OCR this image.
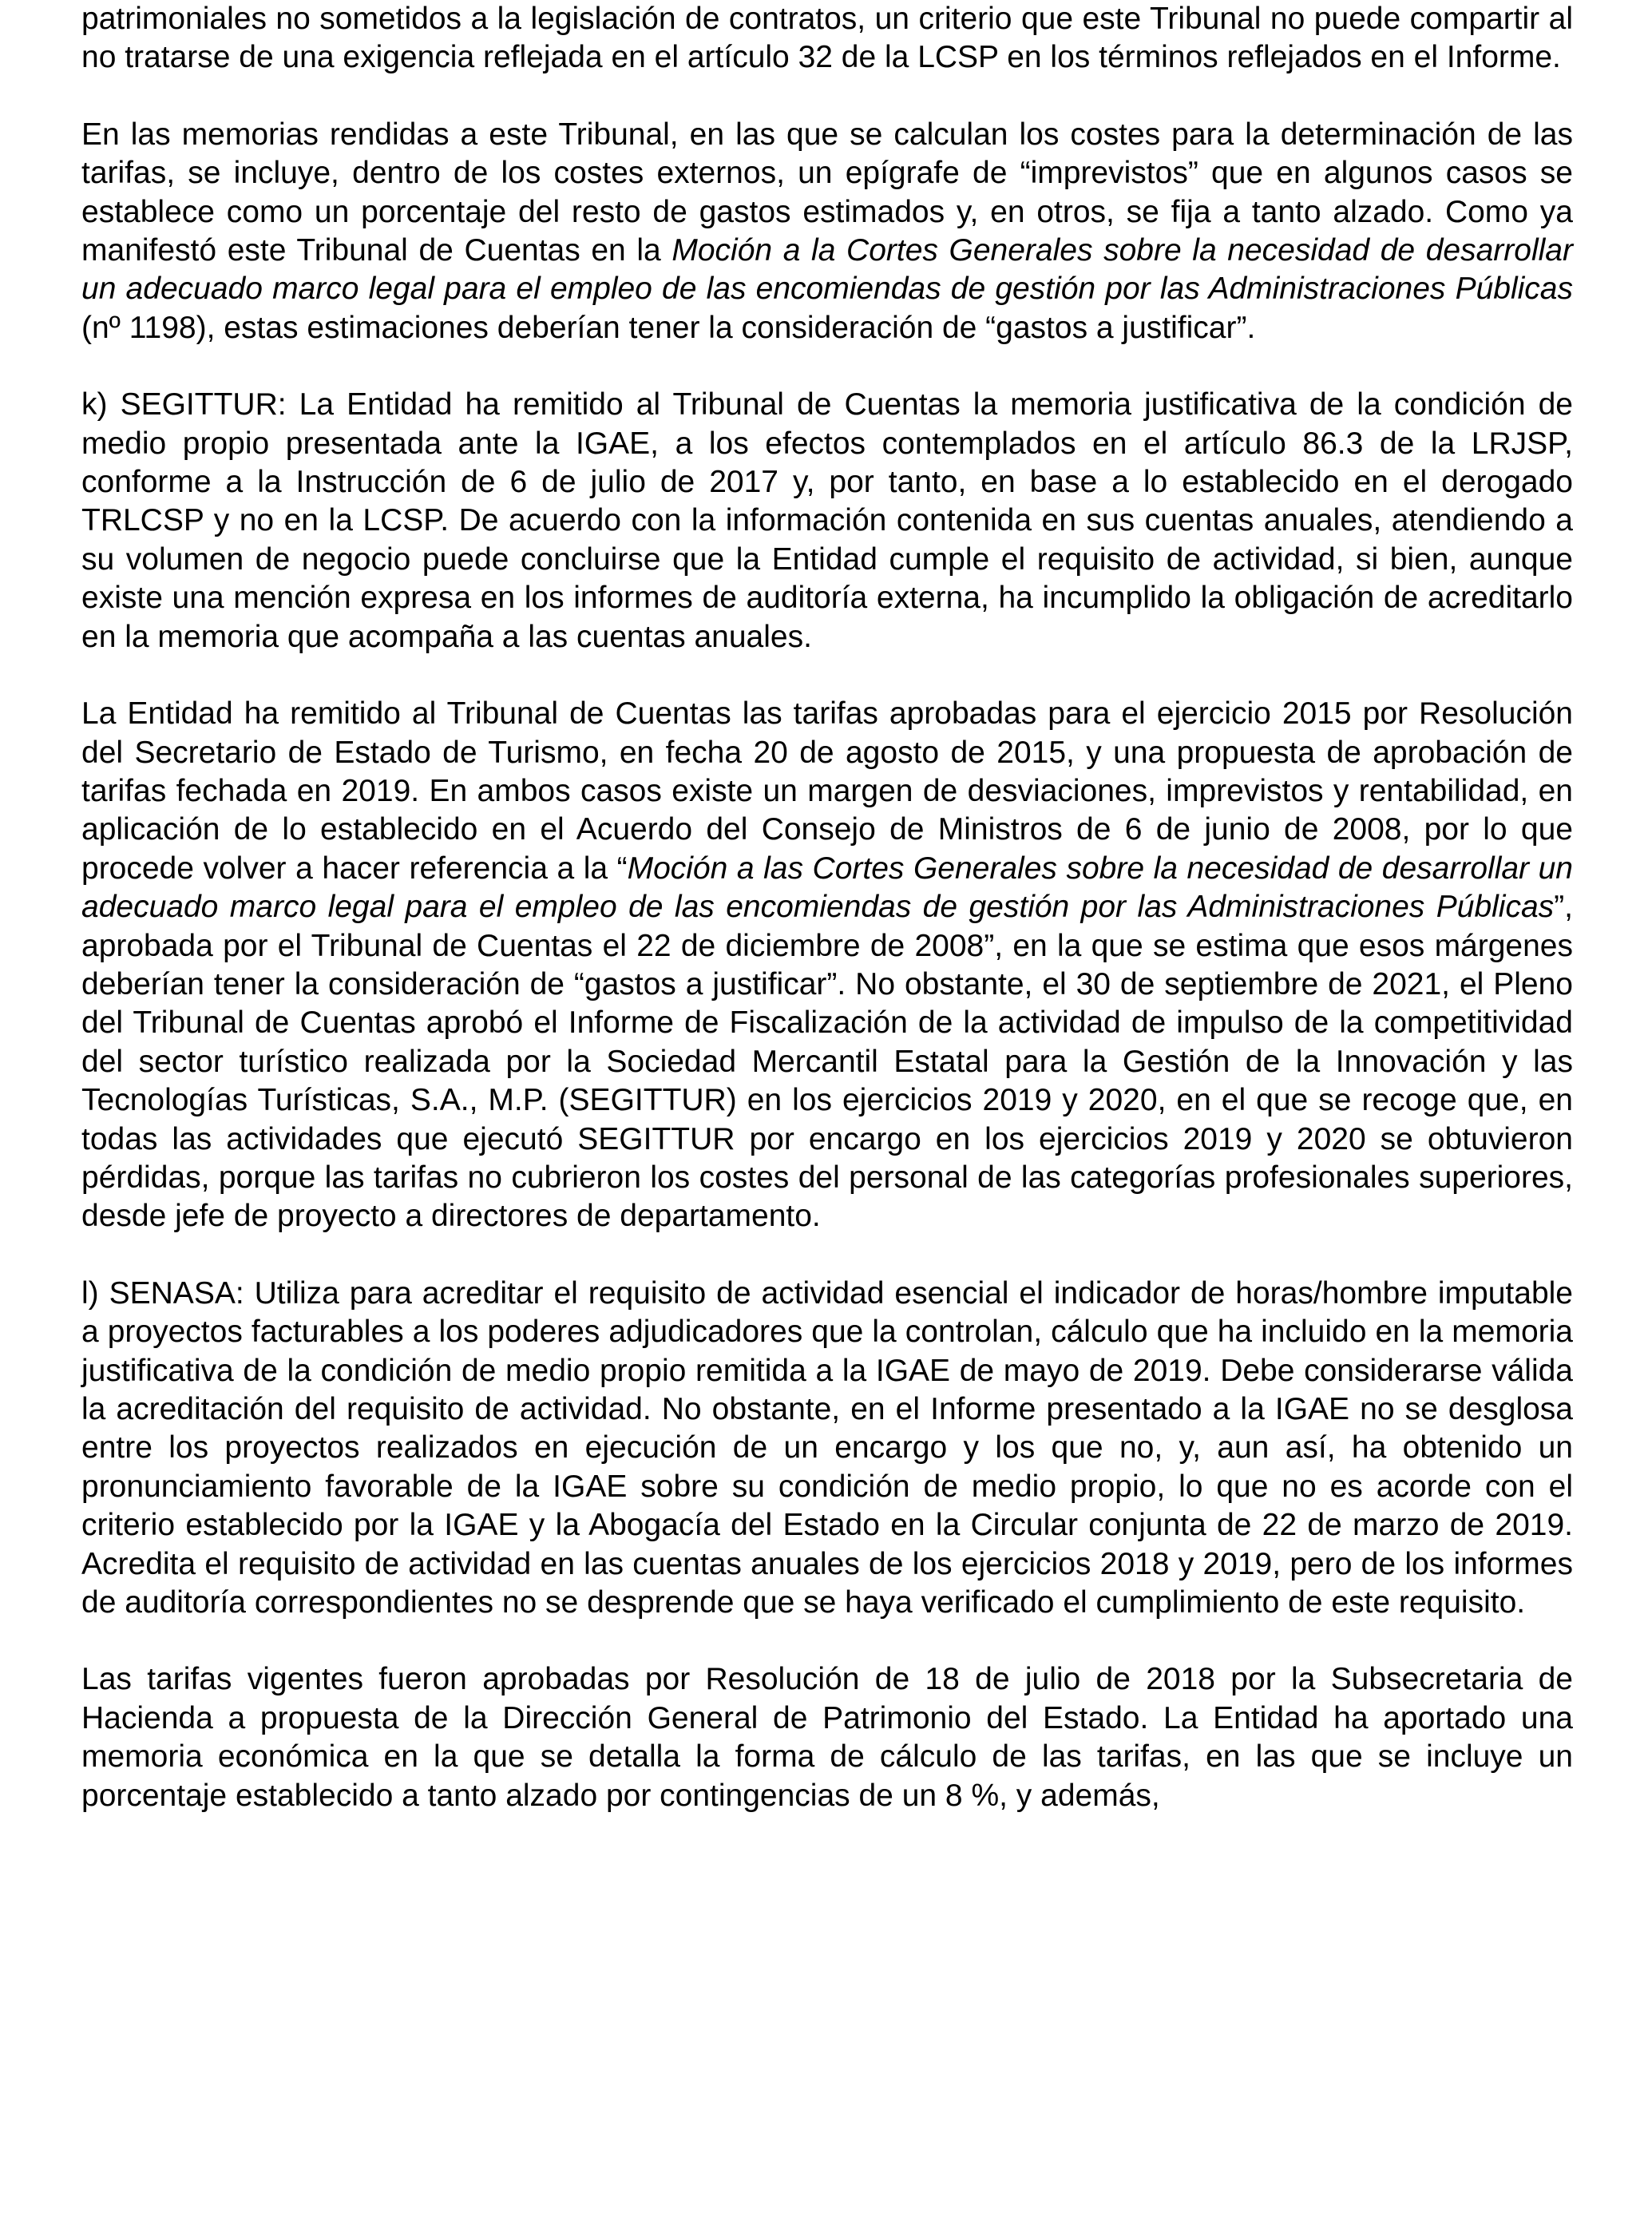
patrimoniales no sometidos a la legislación de contratos, un criterio que este Tribunal no puede compartir al no tratarse de una exigencia reflejada en el artículo 32 de la LCSP en los términos reflejados en el Informe.

En las memorias rendidas a este Tribunal, en las que se calculan los costes para la determinación de las tarifas, se incluye, dentro de los costes externos, un epígrafe de “imprevistos” que en algunos casos se establece como un porcentaje del resto de gastos estimados y, en otros, se fija a tanto alzado. Como ya manifestó este Tribunal de Cuentas en la Moción a la Cortes Generales sobre la necesidad de desarrollar un adecuado marco legal para el empleo de las encomiendas de gestión por las Administraciones Públicas (nº 1198), estas estimaciones deberían tener la consideración de “gastos a justificar”.

k) SEGITTUR: La Entidad ha remitido al Tribunal de Cuentas la memoria justificativa de la condición de medio propio presentada ante la IGAE, a los efectos contemplados en el artículo 86.3 de la LRJSP, conforme a la Instrucción de 6 de julio de 2017 y, por tanto, en base a lo establecido en el derogado TRLCSP y no en la LCSP. De acuerdo con la información contenida en sus cuentas anuales, atendiendo a su volumen de negocio puede concluirse que la Entidad cumple el requisito de actividad, si bien, aunque existe una mención expresa en los informes de auditoría externa, ha incumplido la obligación de acreditarlo en la memoria que acompaña a las cuentas anuales.

La Entidad ha remitido al Tribunal de Cuentas las tarifas aprobadas para el ejercicio 2015 por Resolución del Secretario de Estado de Turismo, en fecha 20 de agosto de 2015, y una propuesta de aprobación de tarifas fechada en 2019. En ambos casos existe un margen de desviaciones, imprevistos y rentabilidad, en aplicación de lo establecido en el Acuerdo del Consejo de Ministros de 6 de junio de 2008, por lo que procede volver a hacer referencia a la “Moción a las Cortes Generales sobre la necesidad de desarrollar un adecuado marco legal para el empleo de las encomiendas de gestión por las Administraciones Públicas”, aprobada por el Tribunal de Cuentas el 22 de diciembre de 2008”, en la que se estima que esos márgenes deberían tener la consideración de “gastos a justificar”. No obstante, el 30 de septiembre de 2021, el Pleno del Tribunal de Cuentas aprobó el Informe de Fiscalización de la actividad de impulso de la competitividad del sector turístico realizada por la Sociedad Mercantil Estatal para la Gestión de la Innovación y las Tecnologías Turísticas, S.A., M.P. (SEGITTUR) en los ejercicios 2019 y 2020, en el que se recoge que, en todas las actividades que ejecutó SEGITTUR por encargo en los ejercicios 2019 y 2020 se obtuvieron pérdidas, porque las tarifas no cubrieron los costes del personal de las categorías profesionales superiores, desde jefe de proyecto a directores de departamento.

l) SENASA: Utiliza para acreditar el requisito de actividad esencial el indicador de horas/hombre imputable a proyectos facturables a los poderes adjudicadores que la controlan, cálculo que ha incluido en la memoria justificativa de la condición de medio propio remitida a la IGAE de mayo de 2019. Debe considerarse válida la acreditación del requisito de actividad. No obstante, en el Informe presentado a la IGAE no se desglosa entre los proyectos realizados en ejecución de un encargo y los que no, y, aun así, ha obtenido un pronunciamiento favorable de la IGAE sobre su condición de medio propio, lo que no es acorde con el criterio establecido por la IGAE y la Abogacía del Estado en la Circular conjunta de 22 de marzo de 2019. Acredita el requisito de actividad en las cuentas anuales de los ejercicios 2018 y 2019, pero de los informes de auditoría correspondientes no se desprende que se haya verificado el cumplimiento de este requisito.

Las tarifas vigentes fueron aprobadas por Resolución de 18 de julio de 2018 por la Subsecretaria de Hacienda a propuesta de la Dirección General de Patrimonio del Estado. La Entidad ha aportado una memoria económica en la que se detalla la forma de cálculo de las tarifas, en las que se incluye un porcentaje establecido a tanto alzado por contingencias de un 8 %, y además,
